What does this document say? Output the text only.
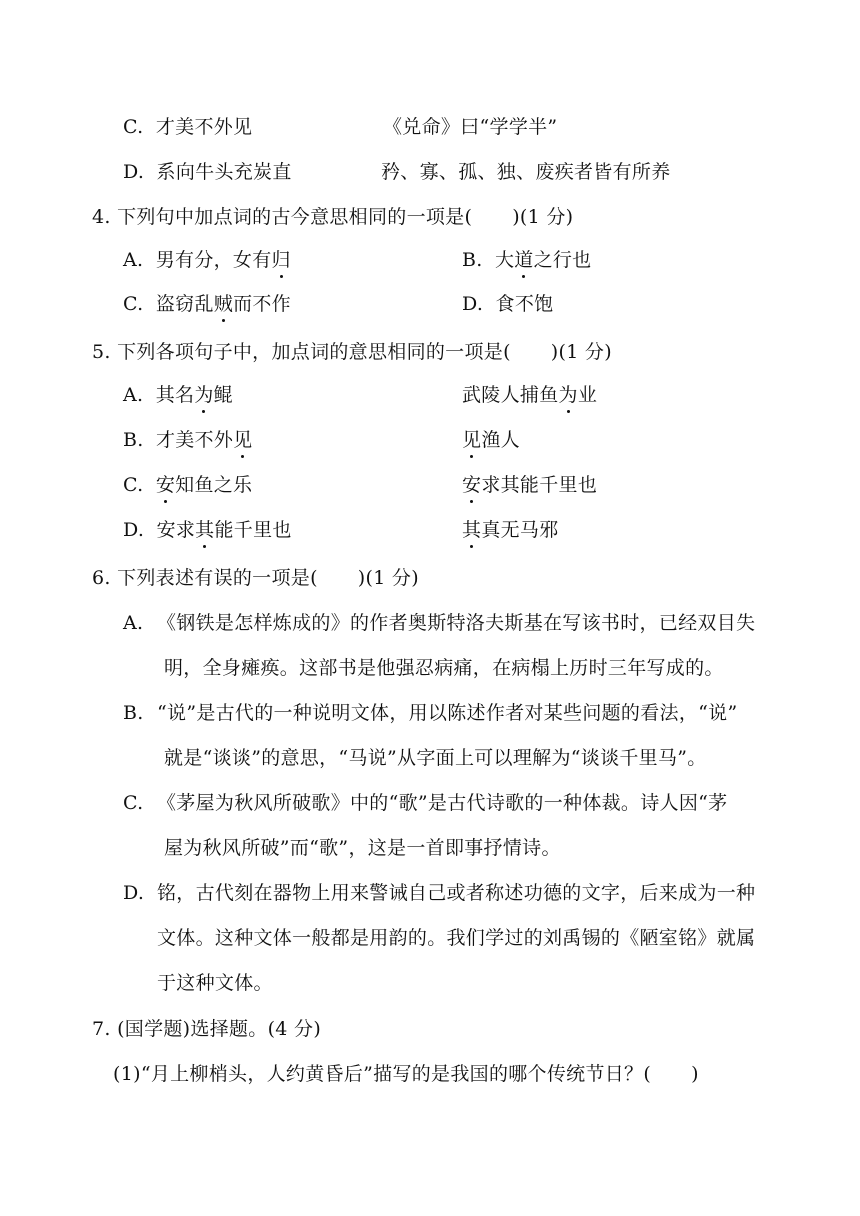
C. 才美不外见	《兑命》曰“学学半”
D. 系向牛头充炭直	矜、寡、孤、独、废疾者皆有所养
4. 下列句中加点词的古今意思相同的一项是( )(1 分)
A. 男有分，女有归	B. 大道之行也
C. 盗窃乱贼而不作	D. 食不饱
5. 下列各项句子中，加点词的意思相同的一项是( )(1 分)
A. 其名为鲲	武陵人捕鱼为业
B. 才美不外见	见渔人
C. 安知鱼之乐	安求其能千里也
D. 安求其能千里也	其真无马邪
6. 下列表述有误的一项是( )(1 分)
A. 《钢铁是怎样炼成的》的作者奥斯特洛夫斯基在写该书时，已经双目失
明，全身瘫痪。这部书是他强忍病痛，在病榻上历时三年写成的。
B. “说”是古代的一种说明文体，用以陈述作者对某些问题的看法，“说”
就是“谈谈”的意思，“马说”从字面上可以理解为“谈谈千里马”。
C. 《茅屋为秋风所破歌》中的“歌”是古代诗歌的一种体裁。诗人因“茅
屋为秋风所破”而“歌”，这是一首即事抒情诗。
D. 铭，古代刻在器物上用来警诫自己或者称述功德的文字，后来成为一种
文体。这种文体一般都是用韵的。我们学过的刘禹锡的《陋室铭》就属
于这种文体。
7. (国学题)选择题。(4 分)
(1)“月上柳梢头，人约黄昏后”描写的是我国的哪个传统节日？( )
